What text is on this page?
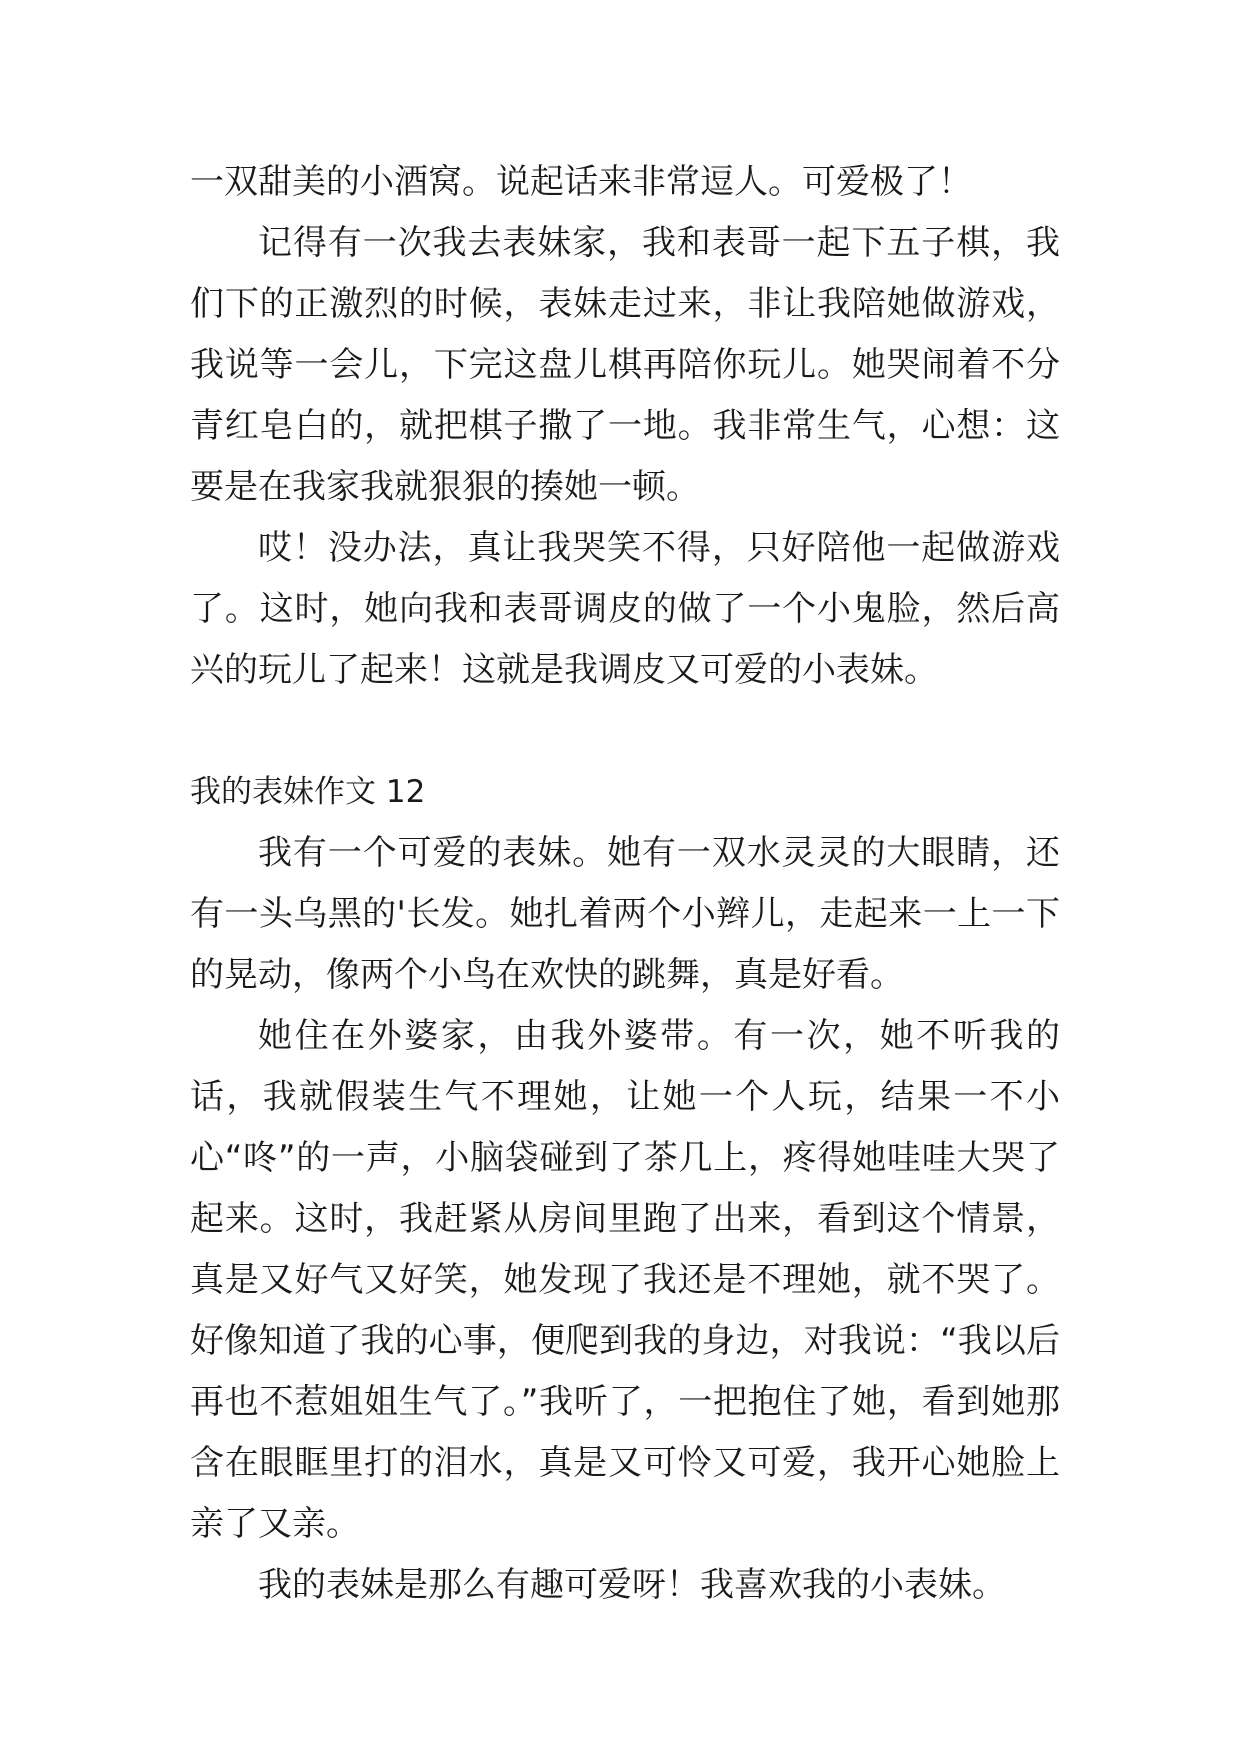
一双甜美的小酒窝。说起话来非常逗人。可爱极了！

记得有一次我去表妹家，我和表哥一起下五子棋，我们下的正激烈的时候，表妹走过来，非让我陪她做游戏，我说等一会儿，下完这盘儿棋再陪你玩儿。她哭闹着不分青红皂白的，就把棋子撒了一地。我非常生气，心想：这要是在我家我就狠狠的揍她一顿。

哎！没办法，真让我哭笑不得，只好陪他一起做游戏了。这时，她向我和表哥调皮的做了一个小鬼脸，然后高兴的玩儿了起来！这就是我调皮又可爱的小表妹。

我的表妹作文 12

我有一个可爱的表妹。她有一双水灵灵的大眼睛，还有一头乌黑的'长发。她扎着两个小辫儿，走起来一上一下的晃动，像两个小鸟在欢快的跳舞，真是好看。

她住在外婆家，由我外婆带。有一次，她不听我的话，我就假装生气不理她，让她一个人玩，结果一不小心“咚”的一声，小脑袋碰到了茶几上，疼得她哇哇大哭了起来。这时，我赶紧从房间里跑了出来，看到这个情景，真是又好气又好笑，她发现了我还是不理她，就不哭了。好像知道了我的心事，便爬到我的身边，对我说：“我以后再也不惹姐姐生气了。”我听了，一把抱住了她，看到她那含在眼眶里打的泪水，真是又可怜又可爱，我开心她脸上亲了又亲。

我的表妹是那么有趣可爱呀！我喜欢我的小表妹。
